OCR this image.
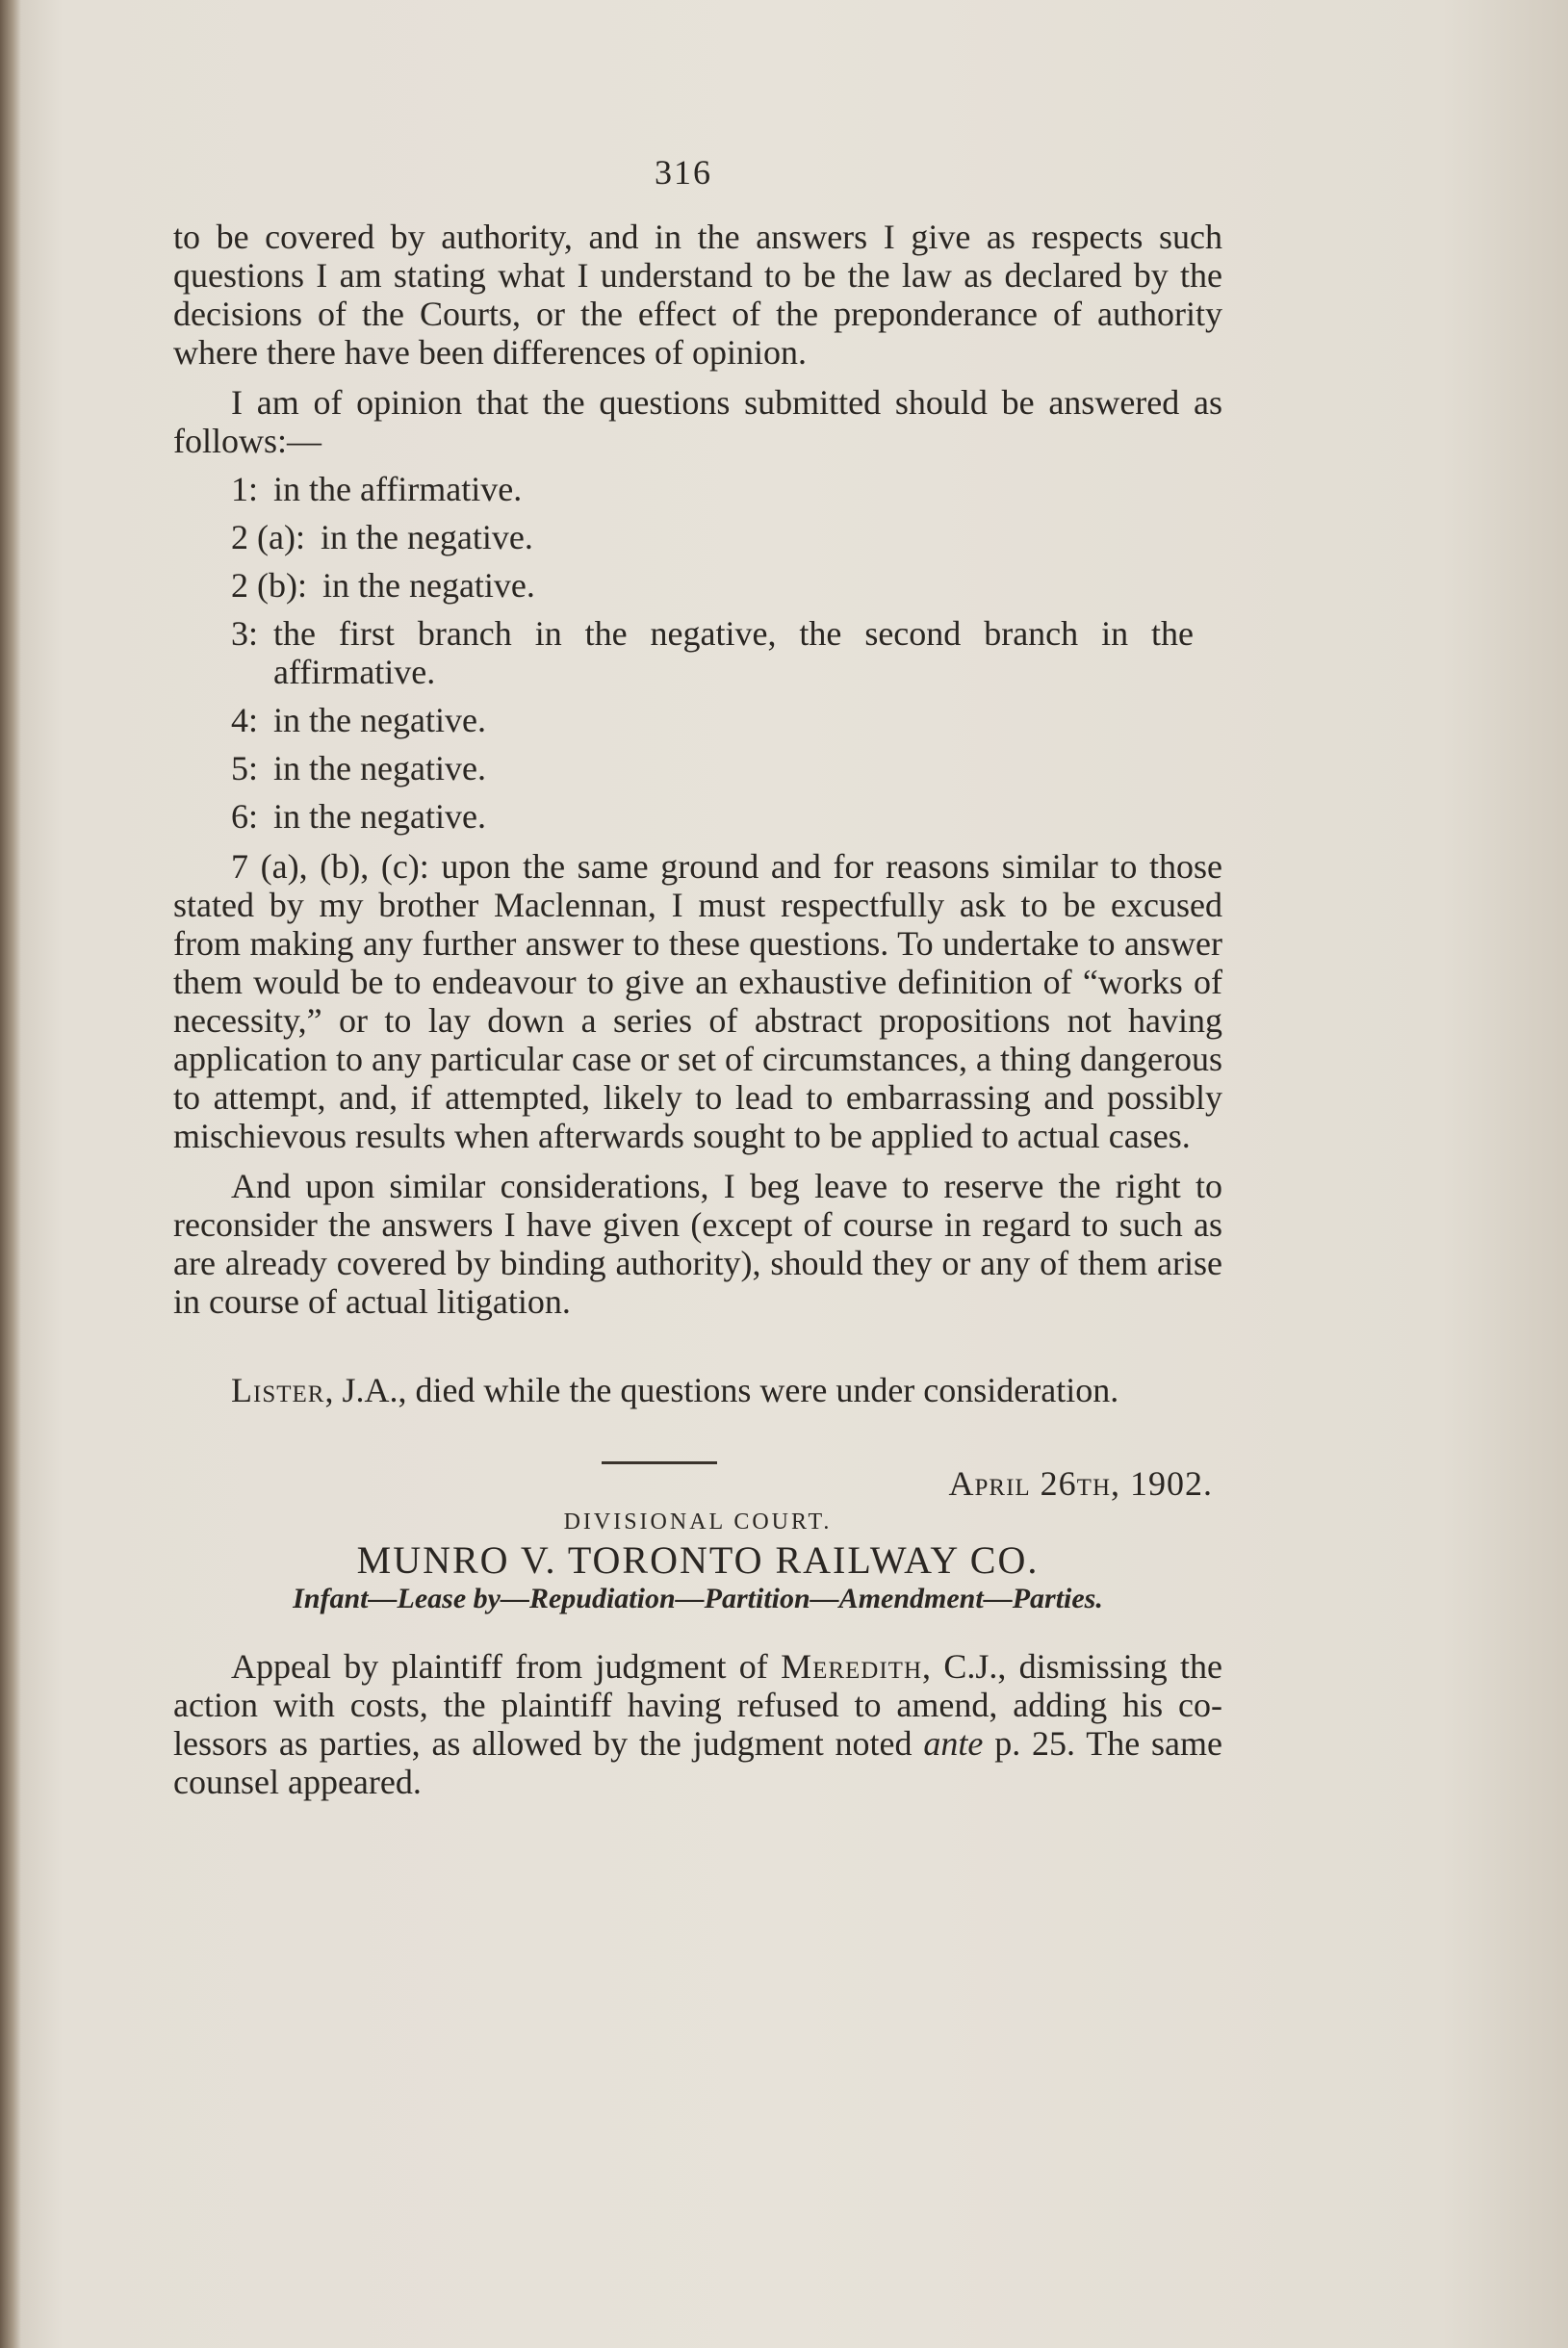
316

to be covered by authority, and in the answers I give as respects such questions I am stating what I understand to be the law as declared by the decisions of the Courts, or the effect of the preponderance of authority where there have been differences of opinion.

I am of opinion that the questions submitted should be answered as follows:—

1: in the affirmative.
2 (a): in the negative.
2 (b): in the negative.
3: the first branch in the negative, the second branch in the affirmative.
4: in the negative.
5: in the negative.
6: in the negative.

7 (a), (b), (c): upon the same ground and for reasons similar to those stated by my brother Maclennan, I must respectfully ask to be excused from making any further answer to these questions. To undertake to answer them would be to endeavour to give an exhaustive definition of “works of necessity,” or to lay down a series of abstract propositions not having application to any particular case or set of circumstances, a thing dangerous to attempt, and, if attempted, likely to lead to embarrassing and possibly mischievous results when afterwards sought to be applied to actual cases.

And upon similar considerations, I beg leave to reserve the right to reconsider the answers I have given (except of course in regard to such as are already covered by binding authority), should they or any of them arise in course of actual litigation.

Lister, J.A., died while the questions were under consideration.

April 26th, 1902.

DIVISIONAL COURT.

MUNRO V. TORONTO RAILWAY CO.

Infant—Lease by—Repudiation—Partition—Amendment—Parties.

Appeal by plaintiff from judgment of Meredith, C.J., dismissing the action with costs, the plaintiff having refused to amend, adding his co-lessors as parties, as allowed by the judgment noted ante p. 25. The same counsel appeared.
